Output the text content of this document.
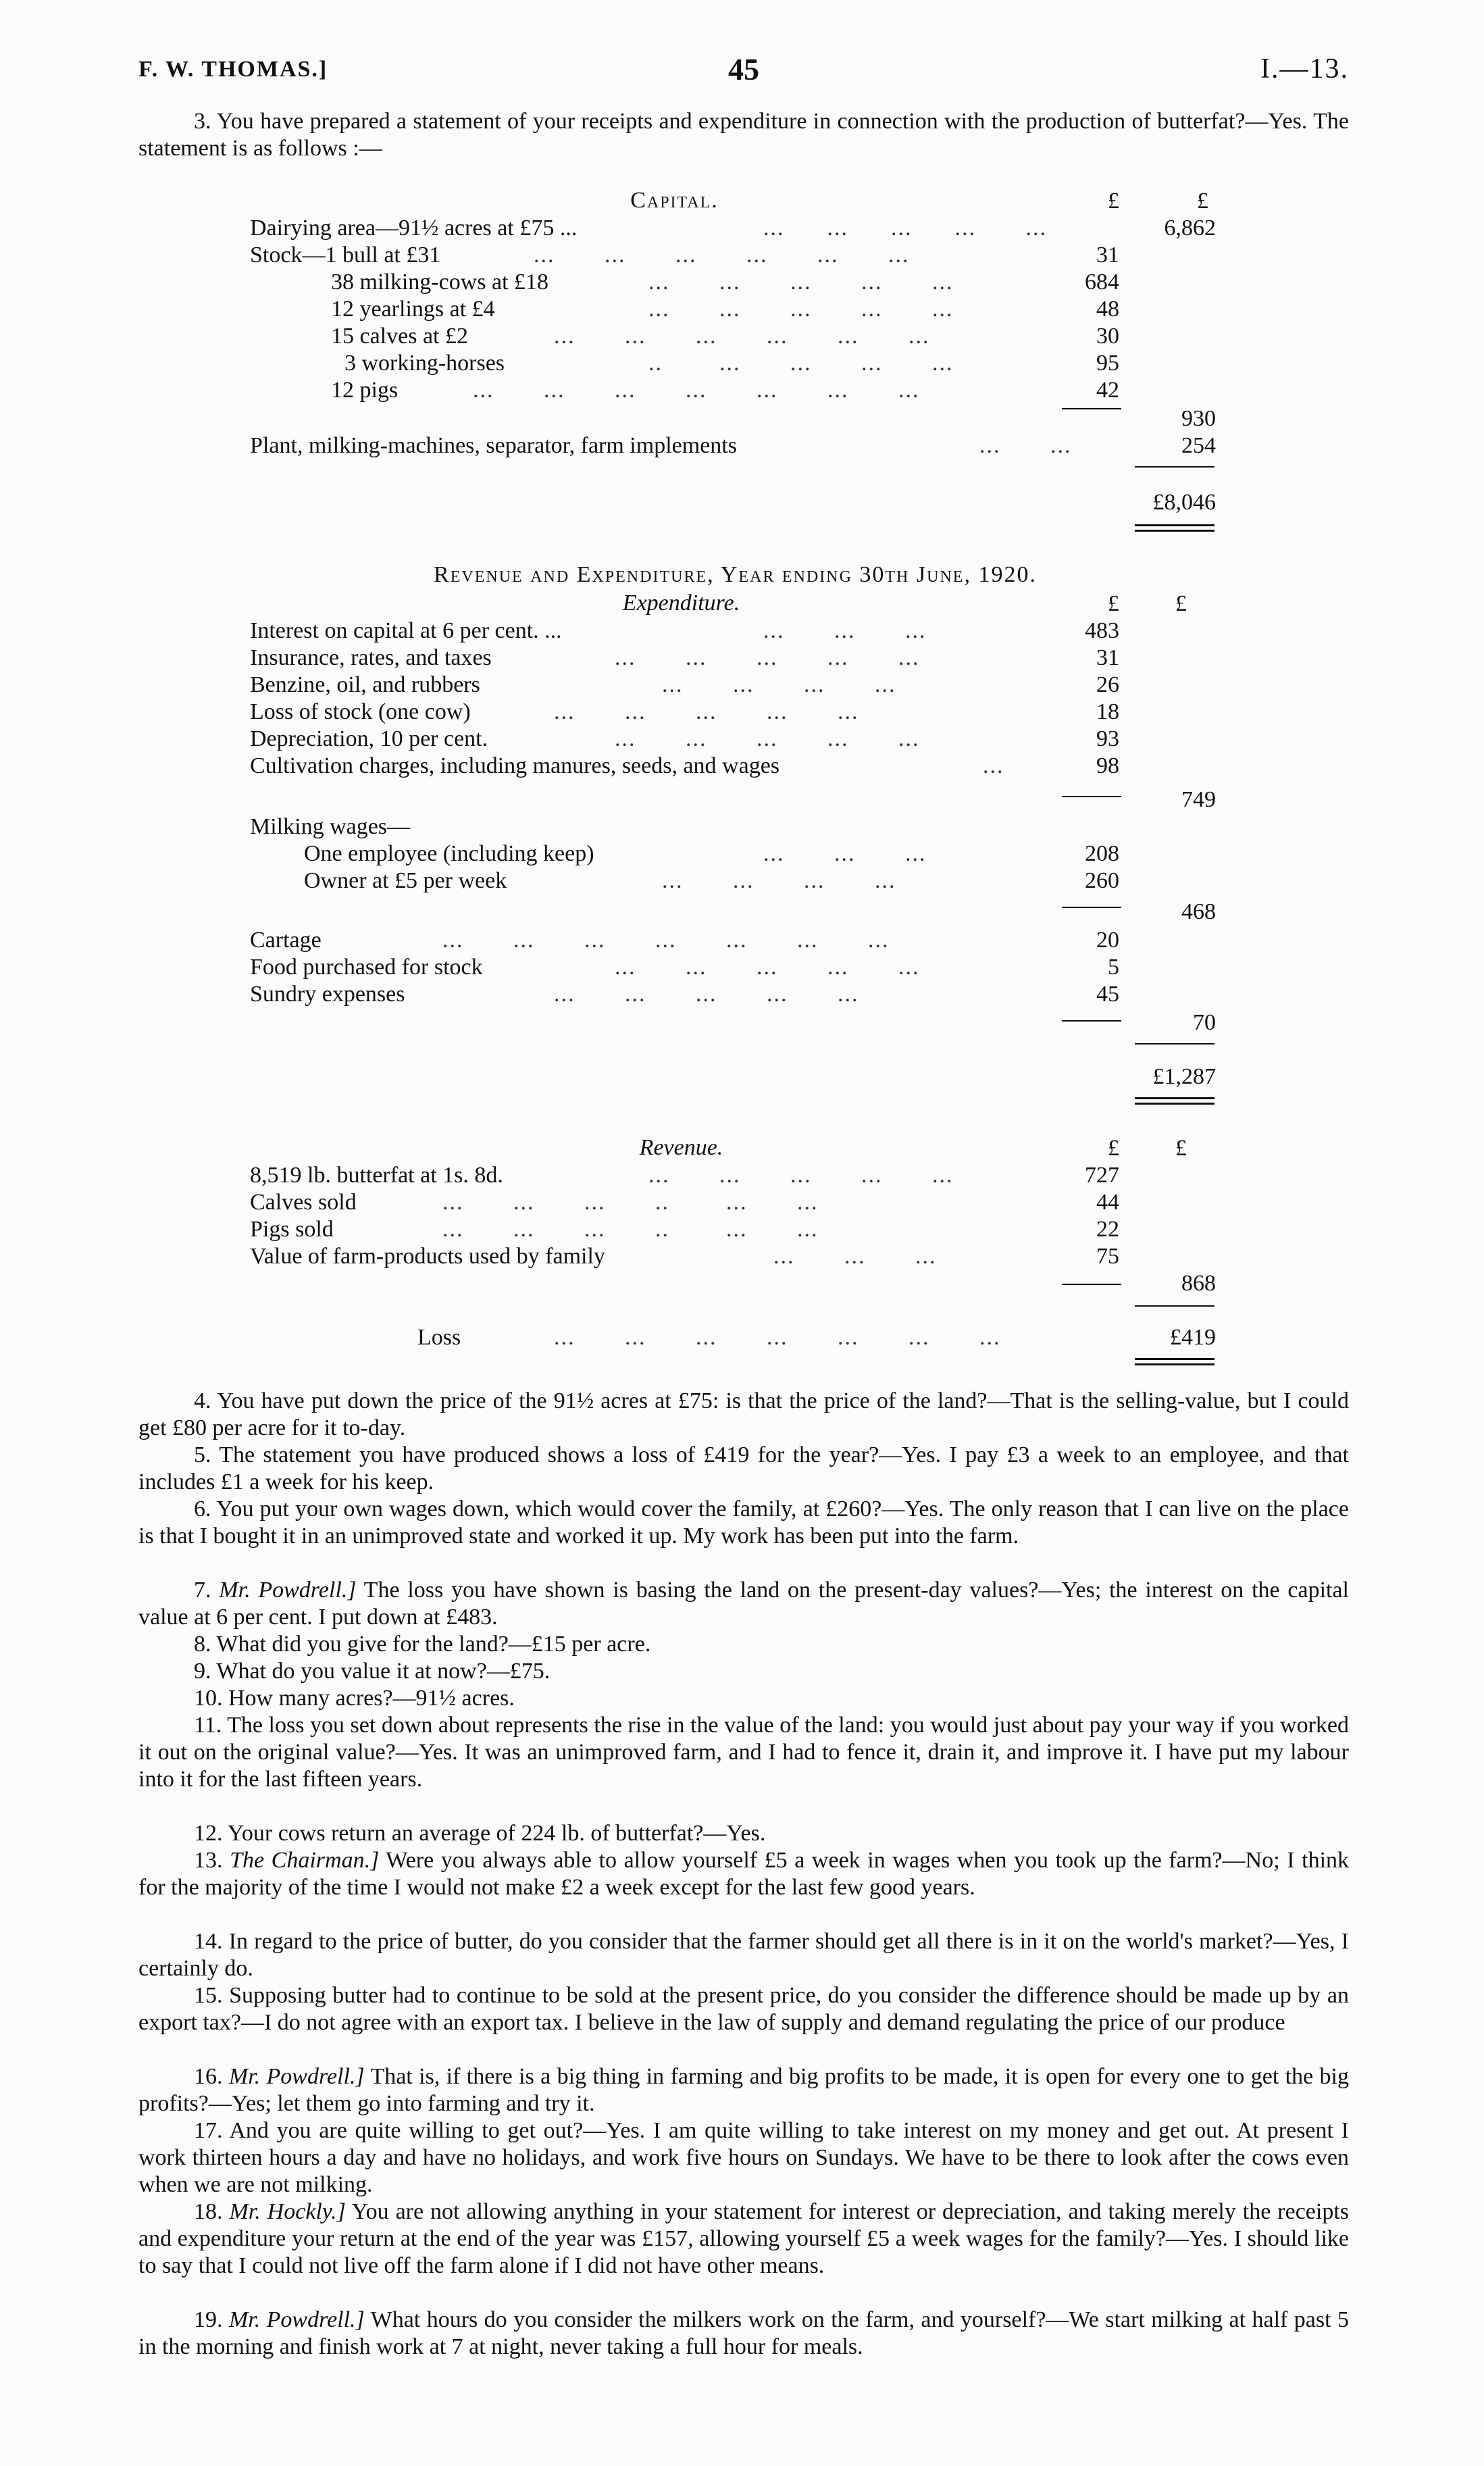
F. W. THOMAS.]	45	I.—13.

3. You have prepared a statement of your receipts and expenditure in connection with the production of butterfat?—Yes. The statement is as follows :—

Capital.	£	£
Dairying area—91½ acres at £75 ...	...      ...      ...      ...       ...	6,862
Stock—1 bull at £31	...       ...       ...       ...       ...       ...	31
38 milking-cows at £18	...       ...       ...       ...       ...	684
12 yearlings at £4	...       ...       ...       ...       ...	48
15 calves at £2	...       ...       ...       ...       ...       ...	30
3 working-horses	..        ...       ...       ...       ...	95
12 pigs	...       ...       ...       ...       ...       ...       ...	42
930
Plant, milking-machines, separator, farm implements	...       ...	254
£8,046
Revenue and Expenditure, Year ending 30th June, 1920.
Expenditure.	£ £
Interest on capital at 6 per cent. ...	...       ...       ...	483
Insurance, rates, and taxes	...       ...       ...       ...       ...	31
Benzine, oil, and rubbers	...       ...       ...       ...	26
Loss of stock (one cow)	...       ...       ...       ...       ...	18
Depreciation, 10 per cent.	...       ...       ...       ...       ...	93
Cultivation charges, including manures, seeds, and wages	...	98
749
Milking wages—
One employee (including keep)	...       ...       ...	208
Owner at £5 per week	...       ...       ...       ...	260
468
Cartage	...       ...       ...       ...       ...       ...       ...	20
Food purchased for stock	...       ...       ...       ...       ...	5
Sundry expenses	...       ...       ...       ...       ...	45
70
£1,287
Revenue.	£ £
8,519 lb. butterfat at 1s. 8d.	...       ...       ...       ...       ...	727
Calves sold	...       ...       ...       ..        ...       ...	44
Pigs sold	...       ...       ...       ..        ...       ...	22
Value of farm-products used by family	...       ...       ...	75
868
Loss	...       ...       ...       ...       ...       ...       ...	£419

4. You have put down the price of the 91½ acres at £75: is that the price of the land?—That is the selling-value, but I could get £80 per acre for it to-day.

5. The statement you have produced shows a loss of £419 for the year?—Yes. I pay £3 a week to an employee, and that includes £1 a week for his keep.

6. You put your own wages down, which would cover the family, at £260?—Yes. The only reason that I can live on the place is that I bought it in an unimproved state and worked it up. My work has been put into the farm.

7. Mr. Powdrell.] The loss you have shown is basing the land on the present-day values?—Yes; the interest on the capital value at 6 per cent. I put down at £483.

8. What did you give for the land?—£15 per acre.

9. What do you value it at now?—£75.

10. How many acres?—91½ acres.

11. The loss you set down about represents the rise in the value of the land: you would just about pay your way if you worked it out on the original value?—Yes. It was an unimproved farm, and I had to fence it, drain it, and improve it. I have put my labour into it for the last fifteen years.

12. Your cows return an average of 224 lb. of butterfat?—Yes.

13. The Chairman.] Were you always able to allow yourself £5 a week in wages when you took up the farm?—No; I think for the majority of the time I would not make £2 a week except for the last few good years.

14. In regard to the price of butter, do you consider that the farmer should get all there is in it on the world's market?—Yes, I certainly do.

15. Supposing butter had to continue to be sold at the present price, do you consider the difference should be made up by an export tax?—I do not agree with an export tax. I believe in the law of supply and demand regulating the price of our produce

16. Mr. Powdrell.] That is, if there is a big thing in farming and big profits to be made, it is open for every one to get the big profits?—Yes; let them go into farming and try it.

17. And you are quite willing to get out?—Yes. I am quite willing to take interest on my money and get out. At present I work thirteen hours a day and have no holidays, and work five hours on Sundays. We have to be there to look after the cows even when we are not milking.

18. Mr. Hockly.] You are not allowing anything in your statement for interest or depreciation, and taking merely the receipts and expenditure your return at the end of the year was £157, allowing yourself £5 a week wages for the family?—Yes. I should like to say that I could not live off the farm alone if I did not have other means.

19. Mr. Powdrell.] What hours do you consider the milkers work on the farm, and yourself?—We start milking at half past 5 in the morning and finish work at 7 at night, never taking a full hour for meals.
